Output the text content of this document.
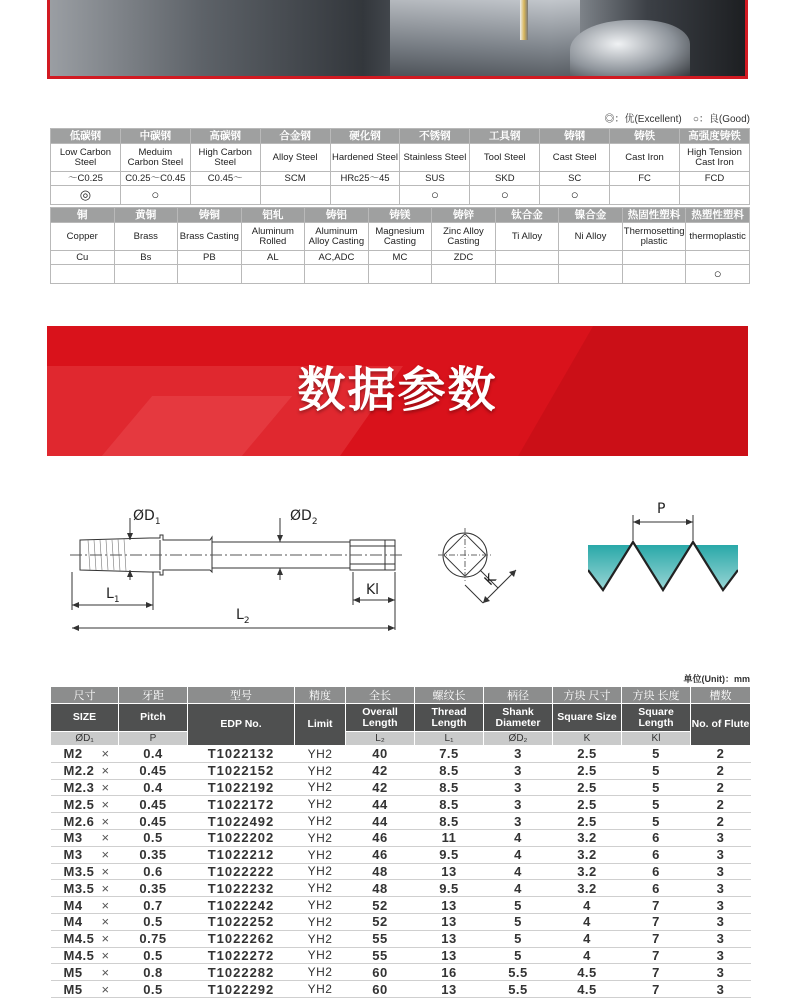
◎：优(Excellent) ○：良(Good)
低碳钢	中碳钢	高碳钢	合金钢	硬化钢	不锈钢	工具钢	铸钢	铸铁	高强度铸铁
Low Carbon Steel	Meduim Carbon Steel	High Carbon Steel	Alloy Steel	Hardened Steel	Stainless Steel	Tool Steel	Cast Steel	Cast Iron	High Tension Cast Iron
～C0.25	C0.25～C0.45	C0.45～	SCM	HRc25～45	SUS	SKD	SC	FC	FCD
◎	○				○	○	○		
铜	黄铜	铸铜	铝轧	铸铝	铸镁	铸锌	钛合金	镍合金	热固性塑料	热塑性塑料
Copper	Brass	Brass Casting	Aluminum Rolled	Aluminum Alloy Casting	Magnesium Casting	Zinc Alloy Casting	Ti Alloy	Ni Alloy	Thermosetting plastic	thermoplastic
Cu	Bs	PB	AL	AC,ADC	MC	ZDC				
										○
数据参数
$ØD_1$	$ØD_2$
$L_1$
$L_2$
Kl
K
P
单位(Unit)：mm
尺寸		牙距	型号	精度	全长	螺纹长	柄径	方块 尺寸	方块 长度	槽数
SIZE		Pitch	EDP No.	Limit	Overall Length	Thread Length	Shank Diameter	Square Size	Square Length	No. of Flute
ØD₁		P			L₂	L₁	ØD₂	K	Kl	
M2	×	0.4	T1022132	YH2	40	7.5	3	2.5	5	2
M2.2	×	0.45	T1022152	YH2	42	8.5	3	2.5	5	2
M2.3	×	0.4	T1022192	YH2	42	8.5	3	2.5	5	2
M2.5	×	0.45	T1022172	YH2	44	8.5	3	2.5	5	2
M2.6	×	0.45	T1022492	YH2	44	8.5	3	2.5	5	2
M3	×	0.5	T1022202	YH2	46	11	4	3.2	6	3
M3	×	0.35	T1022212	YH2	46	9.5	4	3.2	6	3
M3.5	×	0.6	T1022222	YH2	48	13	4	3.2	6	3
M3.5	×	0.35	T1022232	YH2	48	9.5	4	3.2	6	3
M4	×	0.7	T1022242	YH2	52	13	5	4	7	3
M4	×	0.5	T1022252	YH2	52	13	5	4	7	3
M4.5	×	0.75	T1022262	YH2	55	13	5	4	7	3
M4.5	×	0.5	T1022272	YH2	55	13	5	4	7	3
M5	×	0.8	T1022282	YH2	60	16	5.5	4.5	7	3
M5	×	0.5	T1022292	YH2	60	13	5.5	4.5	7	3
